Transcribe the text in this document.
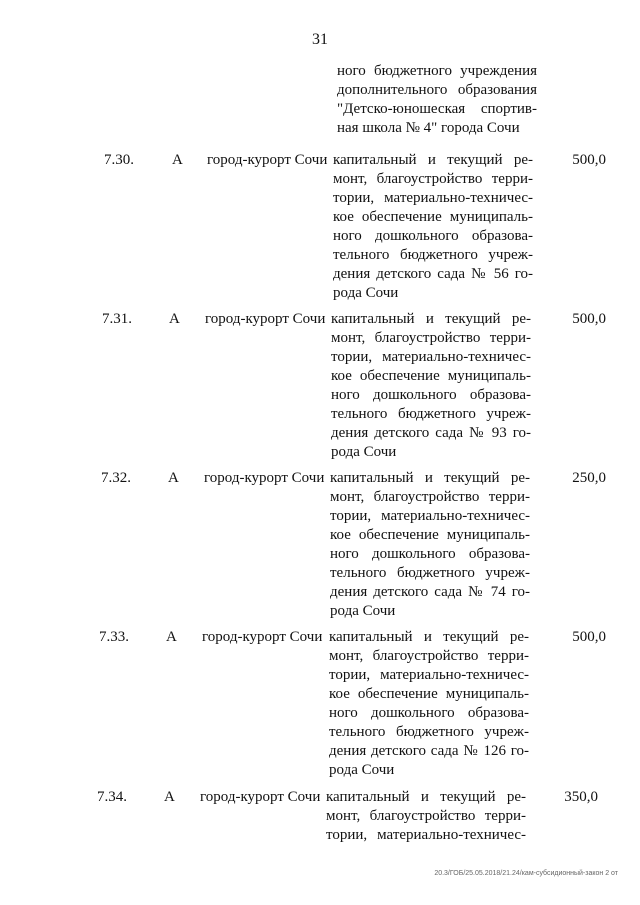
31
ного бюджетного учреждения
дополнительного образования
"Детско-юношеская спортив-
ная школа № 4" города Сочи
7.30.	А город-курорт Сочи капитальный и текущий ре-
монт, благоустройство терри-
тории, материально-техничес-
кое обеспечение муниципаль-
ного дошкольного образова-
тельного бюджетного учреж-
дения детского сада № 56 го-
рода Сочи
500,0
7.31. А город-курорт Сочи капитальный и текущий ре-
монт, благоустройство терри-
тории, материально-техничес-
кое обеспечение муниципаль-
ного дошкольного образова-
тельного бюджетного учреж-
дения детского сада № 93 го-
рода Сочи
500,0
7.32. А город-курорт Сочи капитальный и текущий ре-
монт, благоустройство терри-
тории, материально-техничес-
кое обеспечение муниципаль-
ного дошкольного образова-
тельного бюджетного учреж-
дения детского сада № 74 го-
рода Сочи
250,0
7.33. А город-курорт Сочи капитальный и текущий ре-
монт, благоустройство терри-
тории, материально-техничес-
кое обеспечение муниципаль-
ного дошкольного образова-
тельного бюджетного учреж-
дения детского сада № 126 го-
рода Сочи
500,0
7.34. А город-курорт Сочи капитальный и текущий ре-
монт, благоустройство терри-
тории, материально-техничес-
350,0
20.3/ГОБ/25.05.2018/21.24/кам-субсидионный-закон 2 от
